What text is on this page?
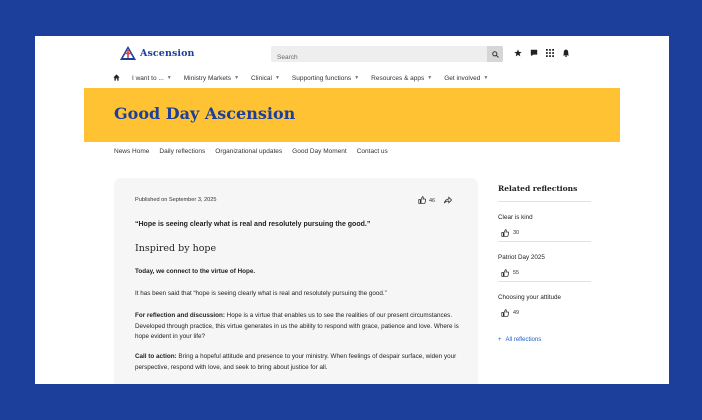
Ascension
Search
I want to ... ▼ Ministry Markets ▼ Clinical ▼ Supporting functions ▼ Resources & apps ▼ Get involved ▼
Good Day Ascension
News Home Daily reflections Organizational updates Good Day Moment Contact us
Published on September 3, 2025	46
“Hope is seeing clearly what is real and resolutely pursuing the good.”
Inspired by hope
Today, we connect to the virtue of Hope.
It has been said that “hope is seeing clearly what is real and resolutely pursuing the good.”
For reflection and discussion: Hope is a virtue that enables us to see the realities of our present circumstances. Developed through practice, this virtue generates in us the ability to respond with grace, patience and love. Where is hope evident in your life?
Call to action: Bring a hopeful attitude and presence to your ministry. When feelings of despair surface, widen your perspective, respond with love, and seek to bring about justice for all.
Related reflections
Clear is kind
30
Patriot Day 2025
55
Choosing your attitude
49
+ All reflections
